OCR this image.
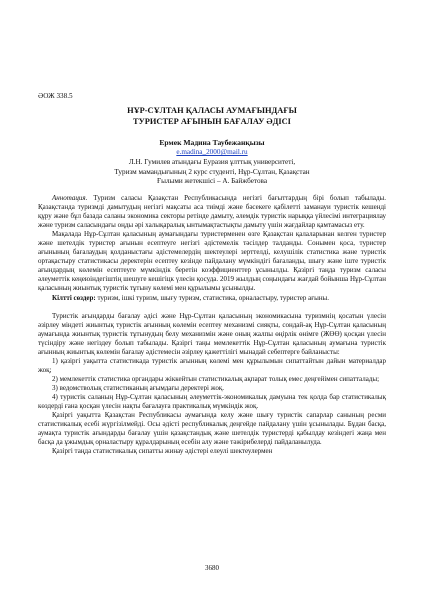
ӘОЖ 338.5
НҰР-СҰЛТАН ҚАЛАСЫ АУМАҒЫНДАҒЫ
ТУРИСТЕР АҒЫНЫН БАҒАЛАУ ӘДІСІ
Ермек Мадина Таубежанқызы
e.madina_2000@mail.ru
Л.Н. Гумилев атындағы Еуразия ұлттық университеті,
Туризм мамандығының 2 курс студенті, Нұр-Сұлтан, Қазақстан
Ғылыми жетекшісі – А. Байжбетова

Аннотация. Туризм саласы Қазақстан Республикасында негізгі бағыттардың бірі болып табылады. Қазақстанда туризмді дамытудың негізгі мақсаты аса тиімді және бәсекеге қабілетті заманауи туристік кешенді құру және бұл базада саланы экономика секторы ретінде дамыту, әлемдік туристік нарыққа үйлесімі интеграциялау және туризм саласындағы оңды әрі халықаралық ынтымақтастықты дамыту үшін жағдайлар қамтамасыз ету.

Мақалада Нұр-Сұлтан қаласының аумағындағы туристерменен өзге Қазақстан қалаларынан келген туристер және шетелдік туристер ағынын есептеуге негізгі әдістемелік тәсілдер талданды. Сонымен қоса, туристер ағынының бағалаудың қолданыстағы әдістемелердің шектеулері зерттелді, келушілік статистика және туристік ортақастыру статистикасы деректерін есептеу кезінде пайдалану мүмкіндігі бағаланды, шығу және іште туристік ағындардың көлемін есептеуге мүмкіндік беретін коэффициенттер ұсынылды. Қазіргі таңда туризм саласы әлеуметтік кеңеюіндегіштің шешуге кешігіцк үлесін қосуда. 2019 жылдың соңындағы жағдай бойынша Нұр-Сұлтан қаласының жиынтық туристік тұтыну көлемі мен құрылымы ұсынылды.

Кілтті сөздер: туризм, ішкі туризм, шығу туризм, статистика, орналастыру, туристер ағыны.

Туристік ағындарды бағалау әдісі және Нұр-Сұлтан қаласының экономикасына туризмнің қосатын үлесін әзірлеу міндеті жиынтық туристік ағынның көлемін есептеу механизмі сияқты, сондай-ақ Нұр-Сұлтан қаласының аумағында жиынтық туристік тұтынудың белу механизмін және оның жалпы өңірлік өнімге (ЖӨӨ) қосқан үлесін түсіндіру және негіздеу болып табылады. Қазіргі таңы мемлекеттік Нұр-Сұлтан қаласының аумағына туристік ағынның жиынтық көлемін бағалау әдістемесін әзірлеу қажеттілігі мынадай себептерге байланысты:

1) қазіргі уақытта статистикада туристік ағынның көлемі мен құрылымын сипаттайтын дайын материалдар жоқ;

2) мемлекеттік статистика органдары жіккейтын статистикалық ақпарат толық емес деңгейімен сипатталады;

3) ведомстволық статистиканың ағымдағы деректері жоқ.

4) туристік саланың Нұр-Сұлтан қаласының әлеуметтік-экономикалық дамуына тек қолда бар статистикалық көздерді ғана қосқан үлесін нақты бағалауға практикалық мүмкіндік жоқ.

Қазіргі уақытта Қазақстан Республикасы аумағында келу және шығу туристік сапарлар санының ресми статистикалық есебі жүргізілмейді. Осы әдісті республикалық деңгейде пайдалану үшін ұсынылады. Бұдан басқа, аумақта туристік ағындарды бағалау үшін қазақстандық және шетелдік туристерді қабылдау кезіндегі жаңа мен басқа да ұжымдық орналастыру құралдарының есебін алу және тәжірибелерді пайдаланылуда.

Қазіргі таңда статистикалық сипатты жинау әдістері елеулі шектеулермен

3680
